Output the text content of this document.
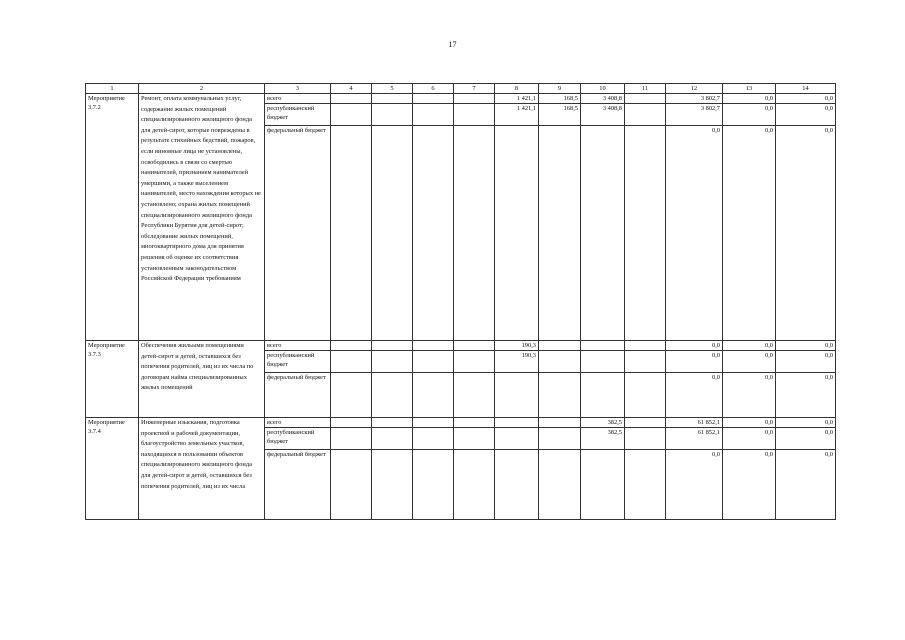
17
1	2	3	4	5	6	7	8	9	10	11	12	13	14
Мероприятие 3.7.2	Ремонт, оплата коммунальных услуг, содержание жилых помещений специализированного жилищного фонда для детей-сирот, которые повреждены в результате стихийных бедствий, пожаров, если виновные лица не установлены, освободились в связи со смертью нанимателей, признанием нанимателей умершими, а также выселением нанимателей, место нахождения которых не установлено; охрана жилых помещений специализированного жилищного фонда Республики Бурятия для детей-сирот; обследование жилых помещений, многоквартирного дома для принятия решения об оценке их соответствия установленным законодательством Российской Федерации требованиям	всего					1 421,1	168,5	3 408,8		3 802,7	0,0	0,0
		республиканский бюджет					1 421,1	168,5	3 408,8		3 802,7	0,0	0,0
		федеральный бюджет									0,0	0,0	0,0
Мероприятие 3.7.3	Обеспечения жильыми помещениями детей-сирот и детей, оставшихся без попечения родителей, лиц из их числа по договорам найма специализированных жилых помещений	всего					190,3				0,0	0,0	0,0
		республиканский бюджет					190,3				0,0	0,0	0,0
		федеральный бюджет									0,0	0,0	0,0
Мероприятие 3.7.4	Инженерные изыскания, подготовка проектной и рабочей документации, благоустройство земельных участков, находящихся в пользовании объектов специализированного жилищного фонда для детей-сирот и детей, оставшихся без попечения родителей, лиц из их числа	всего							382,5		61 852,1	0,0	0,0
		республиканский бюджет							382,5		61 852,1	0,0	0,0
		федеральный бюджет									0,0	0,0	0,0
